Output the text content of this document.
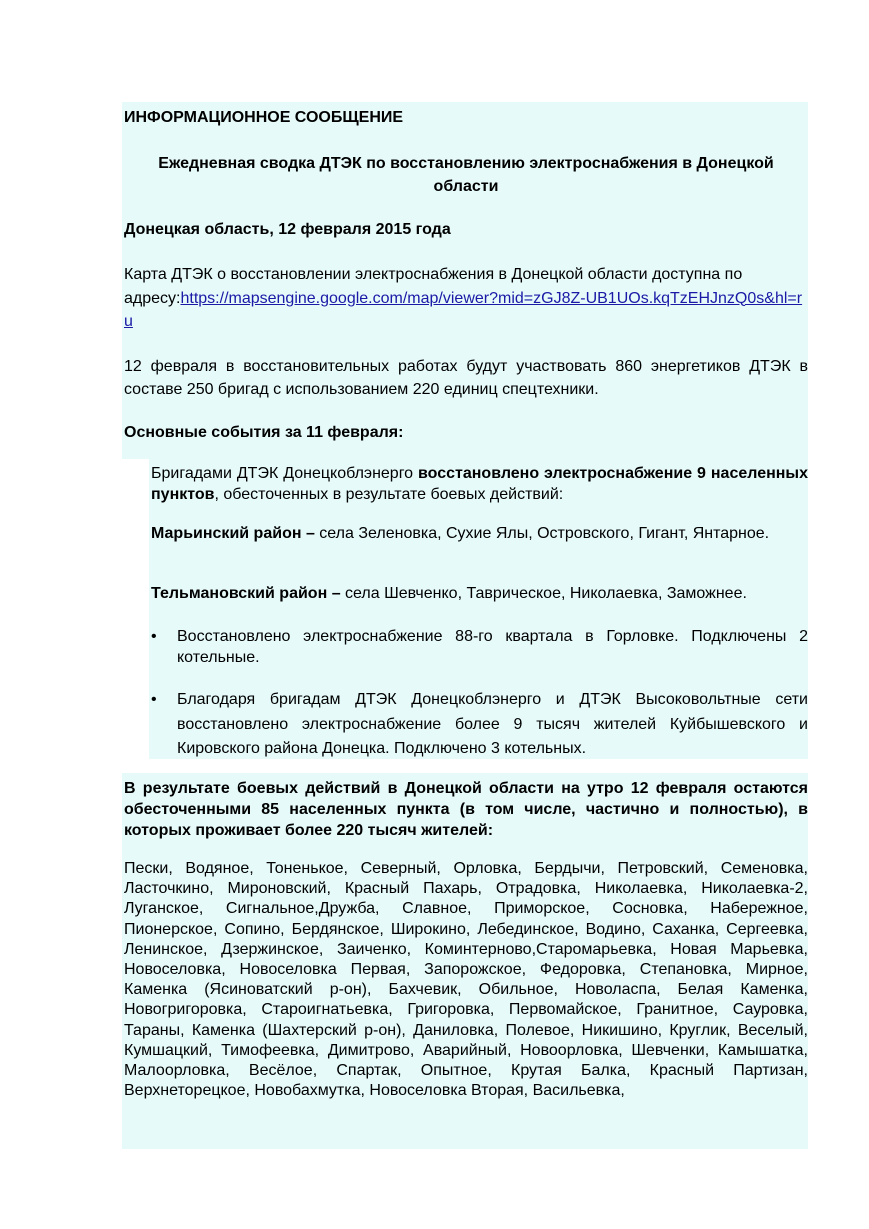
ИНФОРМАЦИОННОЕ СООБЩЕНИЕ
Ежедневная сводка ДТЭК по восстановлению электроснабжения в Донецкой области
Донецкая область, 12 февраля 2015 года
Карта ДТЭК о восстановлении электроснабжения в Донецкой области доступна по адресу:https://mapsengine.google.com/map/viewer?mid=zGJ8Z-UB1UOs.kqTzEHJnzQ0s&hl=ru
12 февраля в восстановительных работах будут участвовать 860 энергетиков ДТЭК в составе 250 бригад с использованием 220 единиц спецтехники.
Основные события за 11 февраля:
Бригадами ДТЭК Донецкоблэнерго восстановлено электроснабжение 9 населенных пунктов, обесточенных в результате боевых действий:
Марьинский район – села Зеленовка, Сухие Ялы, Островского, Гигант, Янтарное.
Тельмановский район – села Шевченко, Таврическое, Николаевка, Заможнее.
•	Восстановлено электроснабжение 88-го квартала в Горловке. Подключены 2 котельные.
•	Благодаря бригадам ДТЭК Донецкоблэнерго и ДТЭК Высоковольтные сети восстановлено электроснабжение более 9 тысяч жителей Куйбышевского и Кировского района Донецка. Подключено 3 котельных.
В результате боевых действий в Донецкой области на утро 12 февраля остаются обесточенными 85 населенных пункта (в том числе, частично и полностью), в которых проживает более 220 тысяч жителей:
Пески, Водяное, Тоненькое, Северный, Орловка, Бердычи, Петровский, Семеновка, Ласточкино, Мироновский, Красный Пахарь, Отрадовка, Николаевка, Николаевка-2, Луганское, Сигнальное,Дружба, Славное, Приморское, Сосновка, Набережное, Пионерское, Сопино, Бердянское, Широкино, Лебединское, Водино, Саханка, Сергеевка, Ленинское, Дзержинское, Заиченко, Коминтерново,Старомарьевка, Новая Марьевка, Новоселовка, Новоселовка Первая, Запорожское, Федоровка, Степановка, Мирное, Каменка (Ясиноватский р-он), Бахчевик, Обильное, Новоласпа, Белая Каменка, Новогригоровка, Староигнатьевка, Григоровка, Первомайское, Гранитное, Сауровка, Тараны, Каменка (Шахтерский р-он), Даниловка, Полевое, Никишино, Круглик, Веселый, Кумшацкий, Тимофеевка, Димитрово, Аварийный, Новоорловка, Шевченки, Камышатка, Малоорловка, Весёлое, Спартак, Опытное, Крутая Балка, Красный Партизан, Верхнеторецкое, Новобахмутка, Новоселовка Вторая, Васильевка,
